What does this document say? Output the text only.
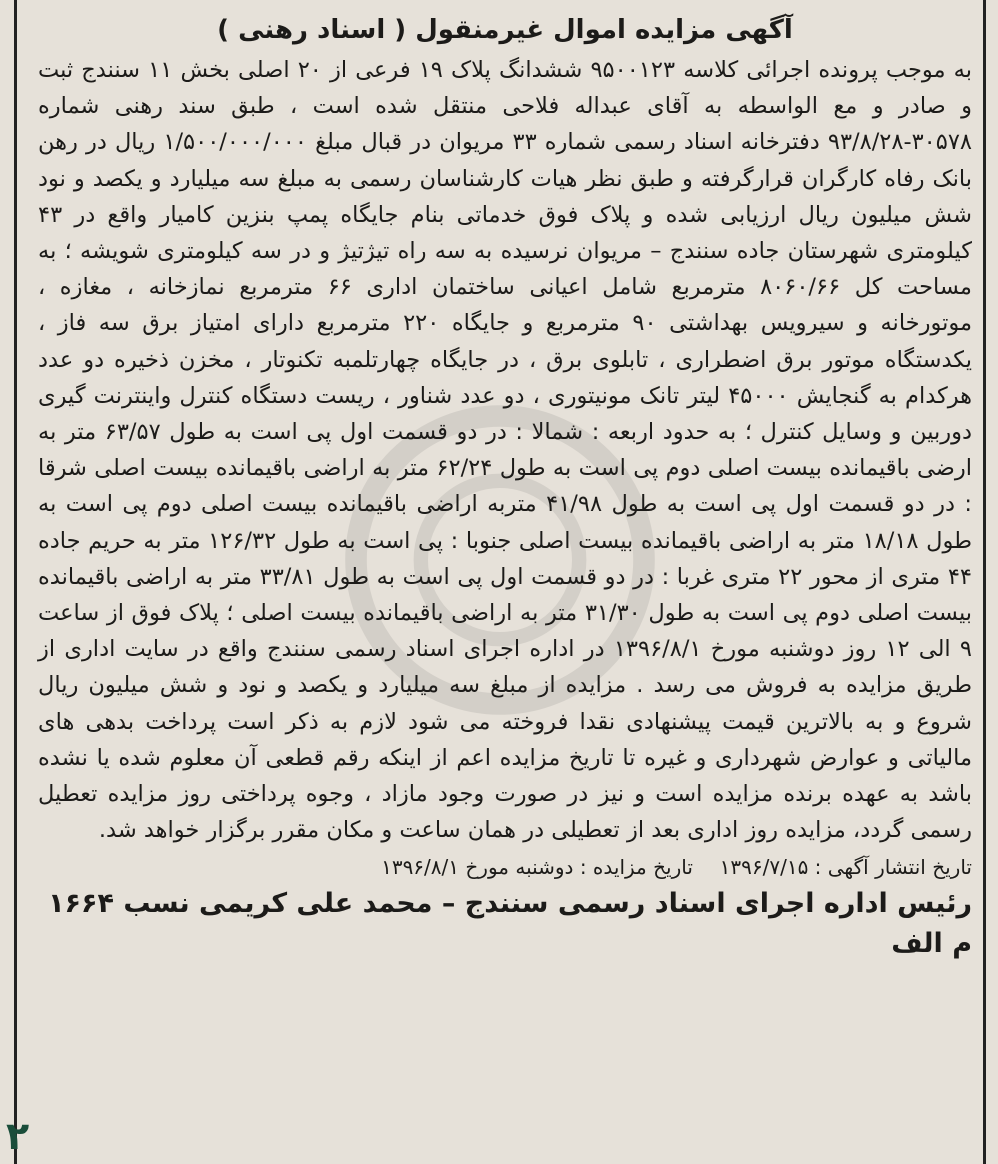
آگهی مزایده اموال غیرمنقول ( اسناد رهنی )

به موجب پرونده اجرائی کلاسه ۹۵۰۰۱۲۳ ششدانگ پلاک ۱۹ فرعی از ۲۰ اصلی بخش ۱۱ سنندج ثبت و صادر و مع الواسطه به آقای عبداله فلاحی منتقل شده است ، طبق سند رهنی شماره ۳۰۵۷۸-۹۳/۸/۲۸ دفترخانه اسناد رسمی شماره ۳۳ مریوان در قبال مبلغ ۱/۵۰۰/۰۰۰/۰۰۰ ریال در رهن بانک رفاه کارگران قرارگرفته و طبق نظر هیات کارشناسان رسمی به مبلغ سه میلیارد و یکصد و نود شش میلیون ریال ارزیابی شده و پلاک فوق خدماتی بنام جایگاه پمپ بنزین کامیار واقع در ۴۳ کیلومتری شهرستان جاده سنندج – مریوان نرسیده به سه راه تیژتیژ و در سه کیلومتری شویشه ؛ به مساحت کل ۸۰۶۰/۶۶ مترمربع شامل اعیانی ساختمان اداری ۶۶ مترمربع نمازخانه ، مغازه ، موتورخانه و سیرویس بهداشتی ۹۰ مترمربع و جایگاه ۲۲۰ مترمربع دارای امتیاز برق سه فاز ، یکدستگاه موتور برق اضطراری ، تابلوی برق ، در جایگاه چهارتلمبه تکنوتار ، مخزن ذخیره دو عدد هرکدام به گنجایش ۴۵۰۰۰ لیتر تانک مونیتوری ، دو عدد شناور ، ریست دستگاه کنترل واینترنت گیری دوربین و وسایل کنترل ؛ به حدود اربعه : شمالا : در دو قسمت اول پی است به طول ۶۳/۵۷ متر به ارضی باقیمانده بیست اصلی دوم پی است به طول ۶۲/۲۴ متر به اراضی باقیمانده بیست اصلی شرقا : در دو قسمت اول پی است به طول ۴۱/۹۸ متربه اراضی باقیمانده بیست اصلی دوم پی است به طول ۱۸/۱۸ متر به اراضی باقیمانده بیست اصلی جنوبا : پی است به طول ۱۲۶/۳۲ متر به حریم جاده ۴۴ متری از محور ۲۲ متری غربا : در دو قسمت اول پی است به طول ۳۳/۸۱ متر به اراضی باقیمانده بیست اصلی دوم پی است به طول ۳۱/۳۰ متر به اراضی باقیمانده بیست اصلی ؛ پلاک فوق از ساعت ۹ الی ۱۲ روز دوشنبه مورخ ۱۳۹۶/۸/۱ در اداره اجرای اسناد رسمی سنندج واقع در سایت اداری از طریق مزایده به فروش می رسد . مزایده از مبلغ سه میلیارد و یکصد و نود و شش میلیون ریال شروع و به بالاترین قیمت پیشنهادی نقدا فروخته می شود لازم به ذکر است پرداخت بدهی های مالیاتی و عوارض شهرداری و غیره تا تاریخ مزایده اعم از اینکه رقم قطعی آن معلوم شده یا نشده باشد به عهده برنده مزایده است و نیز در صورت وجود مازاد ، وجوه پرداختی روز مزایده تعطیل رسمی گردد، مزایده روز اداری بعد از تعطیلی در همان ساعت و مکان مقرر برگزار خواهد شد.

تاریخ انتشار آگهی : ۱۳۹۶/۷/۱۵  تاریخ مزایده : دوشنبه مورخ ۱۳۹۶/۸/۱
رئیس اداره اجرای اسناد رسمی سنندج – محمد علی کریمی نسب ۱۶۶۴ م الف
۲
